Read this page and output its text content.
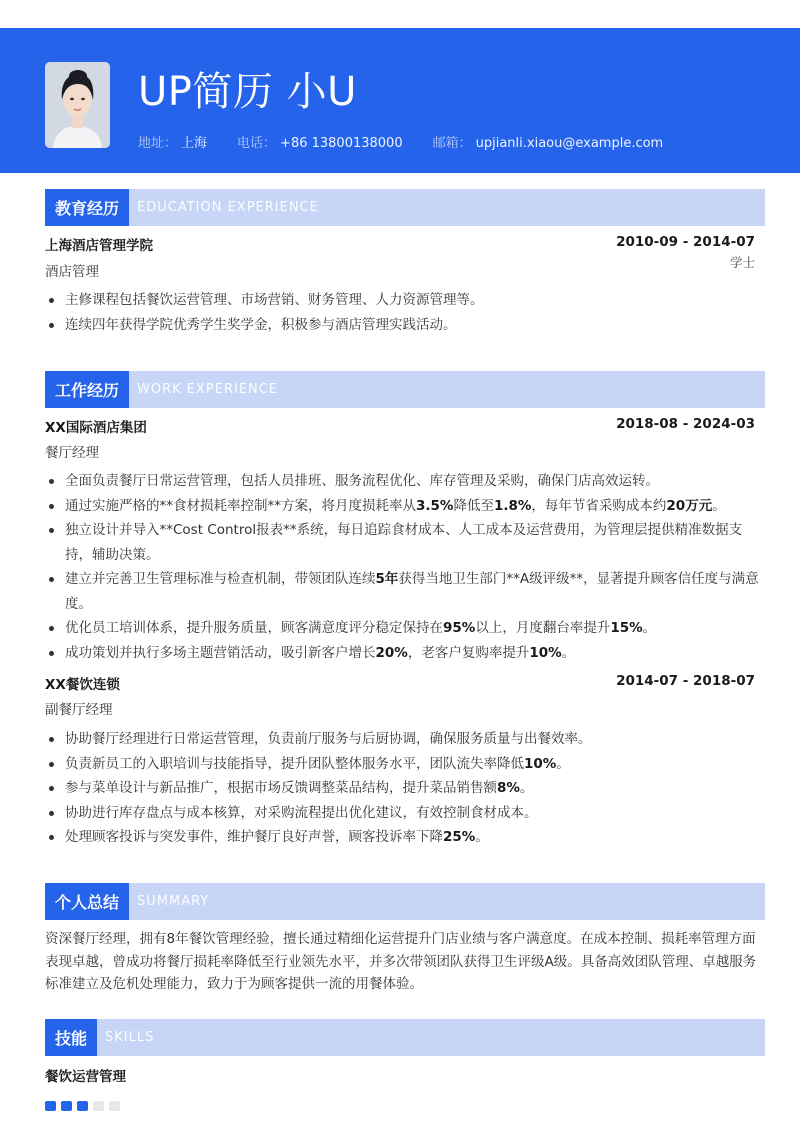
UP简历 小U
地址： 上海 电话： +86 13800138000 邮箱： upjianli.xiaou@example.com
教育经历	EDUCATION EXPERIENCE
上海酒店管理学院	2010-09 - 2014-07
酒店管理
学士
主修课程包括餐饮运营管理、市场营销、财务管理、人力资源管理等。
连续四年获得学院优秀学生奖学金，积极参与酒店管理实践活动。
工作经历	WORK EXPERIENCE
XX国际酒店集团	2018-08 - 2024-03
餐厅经理
全面负责餐厅日常运营管理，包括人员排班、服务流程优化、库存管理及采购，确保门店高效运转。
通过实施严格的**食材损耗率控制**方案，将月度损耗率从3.5%降低至1.8%，每年节省采购成本约20万元。
独立设计并导入**Cost Control报表**系统，每日追踪食材成本、人工成本及运营费用，为管理层提供精准数据支持，辅助决策。
建立并完善卫生管理标准与检查机制，带领团队连续5年获得当地卫生部门**A级评级**，显著提升顾客信任度与满意度。
优化员工培训体系，提升服务质量，顾客满意度评分稳定保持在95%以上，月度翻台率提升15%。
成功策划并执行多场主题营销活动，吸引新客户增长20%，老客户复购率提升10%。
XX餐饮连锁	2014-07 - 2018-07
副餐厅经理
协助餐厅经理进行日常运营管理，负责前厅服务与后厨协调，确保服务质量与出餐效率。
负责新员工的入职培训与技能指导，提升团队整体服务水平，团队流失率降低10%。
参与菜单设计与新品推广，根据市场反馈调整菜品结构，提升菜品销售额8%。
协助进行库存盘点与成本核算，对采购流程提出优化建议，有效控制食材成本。
处理顾客投诉与突发事件，维护餐厅良好声誉，顾客投诉率下降25%。
个人总结	SUMMARY
资深餐厅经理，拥有8年餐饮管理经验，擅长通过精细化运营提升门店业绩与客户满意度。在成本控制、损耗率管理方面表现卓越，曾成功将餐厅损耗率降低至行业领先水平，并多次带领团队获得卫生评级A级。具备高效团队管理、卓越服务标准建立及危机处理能力，致力于为顾客提供一流的用餐体验。
技能	SKILLS
餐饮运营管理
